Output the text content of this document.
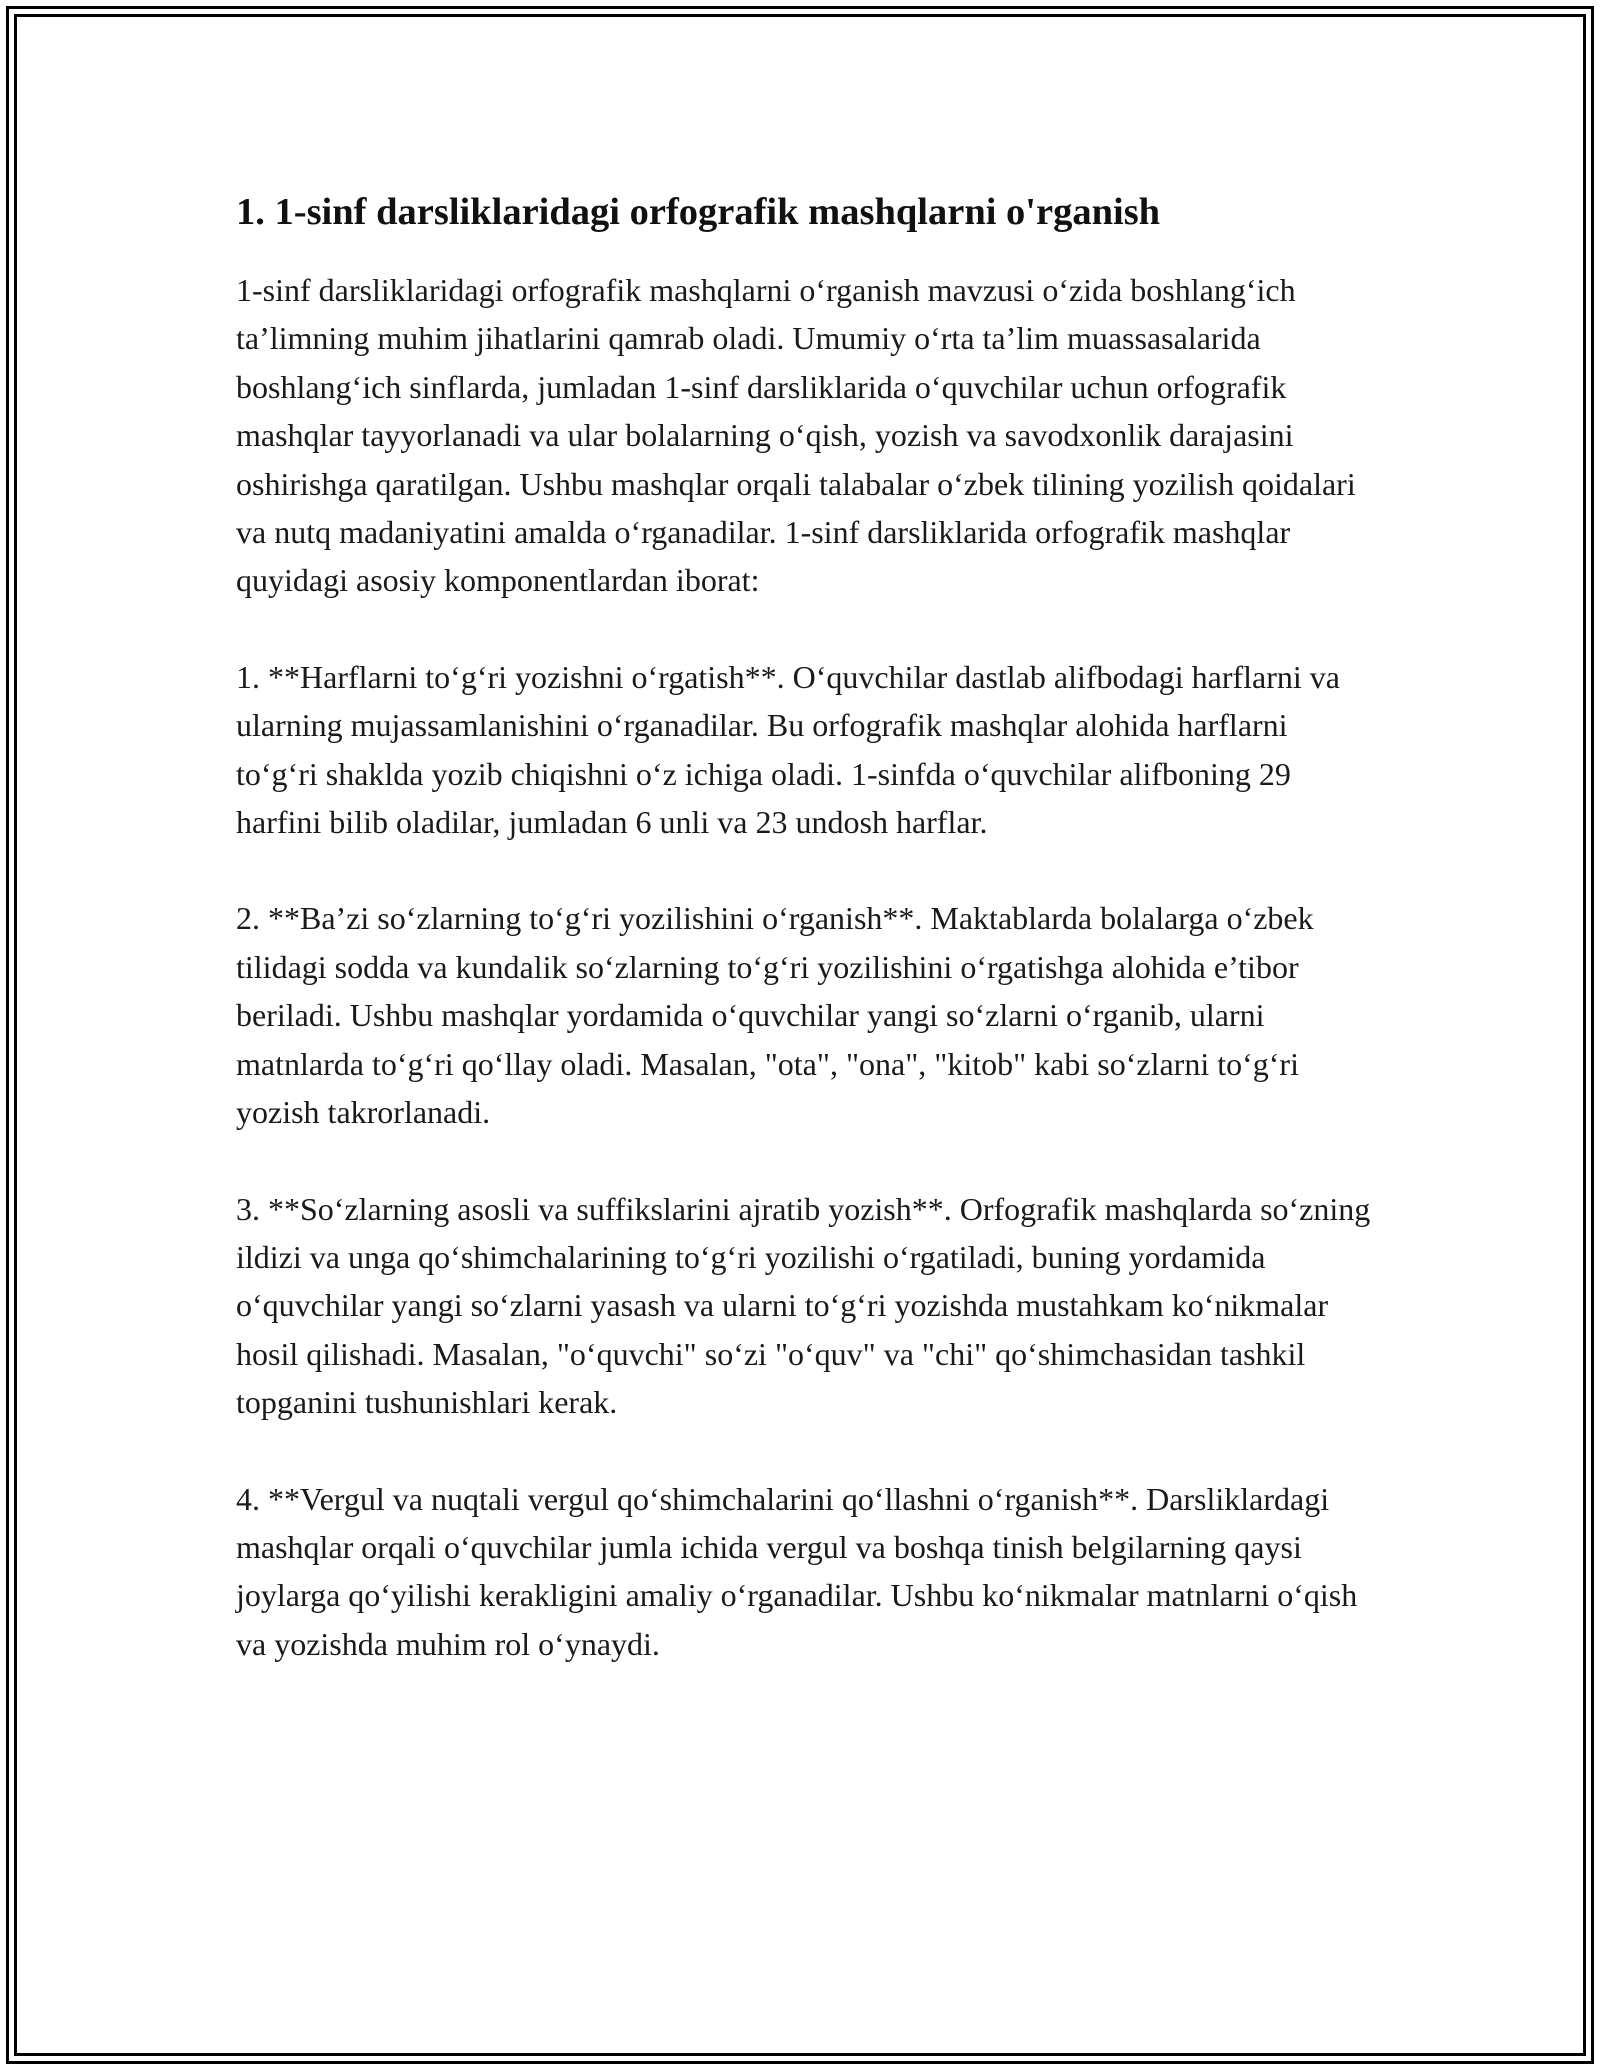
1. 1-sinf darsliklaridagi orfografik mashqlarni o'rganish

1-sinf darsliklaridagi orfografik mashqlarni o‘rganish mavzusi o‘zida boshlang‘ich ta’limning muhim jihatlarini qamrab oladi. Umumiy o‘rta ta’lim muassasalarida boshlang‘ich sinflarda, jumladan 1-sinf darsliklarida o‘quvchilar uchun orfografik mashqlar tayyorlanadi va ular bolalarning o‘qish, yozish va savodxonlik darajasini oshirishga qaratilgan. Ushbu mashqlar orqali talabalar o‘zbek tilining yozilish qoidalari va nutq madaniyatini amalda o‘rganadilar. 1-sinf darsliklarida orfografik mashqlar quyidagi asosiy komponentlardan iborat:

1. **Harflarni to‘g‘ri yozishni o‘rgatish**. O‘quvchilar dastlab alifbodagi harflarni va ularning mujassamlanishini o‘rganadilar. Bu orfografik mashqlar alohida harflarni to‘g‘ri shaklda yozib chiqishni o‘z ichiga oladi. 1-sinfda o‘quvchilar alifboning 29 harfini bilib oladilar, jumladan 6 unli va 23 undosh harflar.

2. **Ba’zi so‘zlarning to‘g‘ri yozilishini o‘rganish**. Maktablarda bolalarga o‘zbek tilidagi sodda va kundalik so‘zlarning to‘g‘ri yozilishini o‘rgatishga alohida e’tibor beriladi. Ushbu mashqlar yordamida o‘quvchilar yangi so‘zlarni o‘rganib, ularni matnlarda to‘g‘ri qo‘llay oladi. Masalan, "ota", "ona", "kitob" kabi so‘zlarni to‘g‘ri yozish takrorlanadi.

3. **So‘zlarning asosli va suffikslarini ajratib yozish**. Orfografik mashqlarda so‘zning ildizi va unga qo‘shimchalarining to‘g‘ri yozilishi o‘rgatiladi, buning yordamida o‘quvchilar yangi so‘zlarni yasash va ularni to‘g‘ri yozishda mustahkam ko‘nikmalar hosil qilishadi. Masalan, "o‘quvchi" so‘zi "o‘quv" va "chi" qo‘shimchasidan tashkil topganini tushunishlari kerak.

4. **Vergul va nuqtali vergul qo‘shimchalarini qo‘llashni o‘rganish**. Darsliklardagi mashqlar orqali o‘quvchilar jumla ichida vergul va boshqa tinish belgilarning qaysi joylarga qo‘yilishi kerakligini amaliy o‘rganadilar. Ushbu ko‘nikmalar matnlarni o‘qish va yozishda muhim rol o‘ynaydi.
